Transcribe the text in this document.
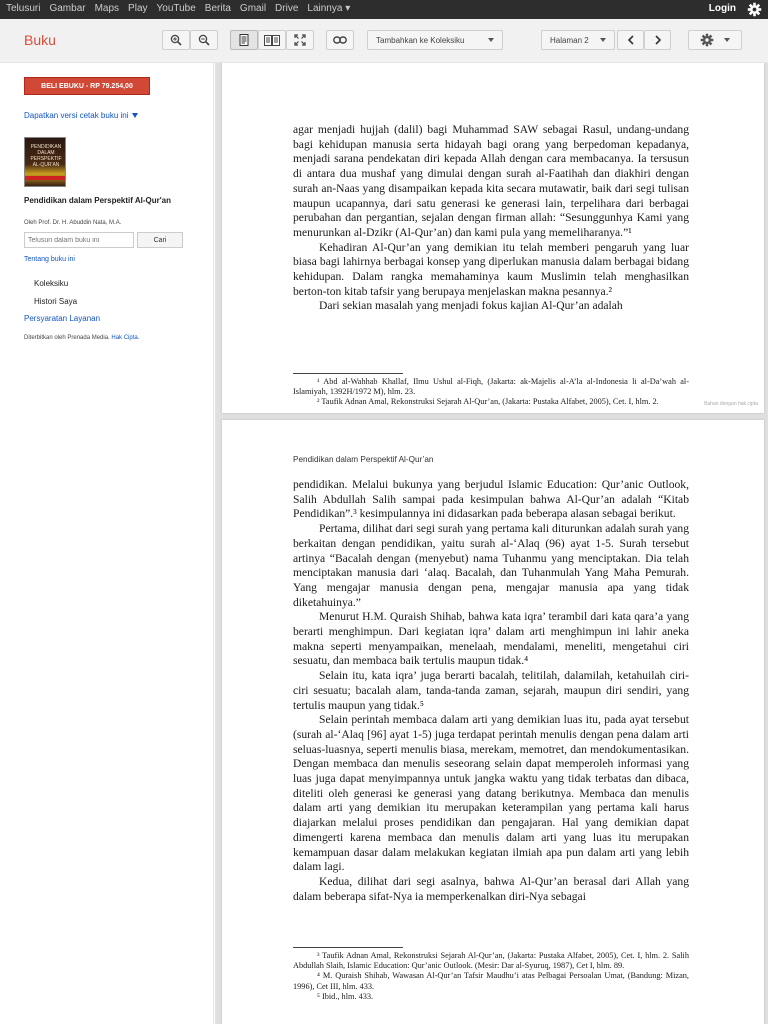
Telusuri Gambar Maps Play YouTube Berita Gmail Drive Lainnya ▾	Login
Buku	Tambahkan ke Koleksiku	Halaman 2
BELI EBUKU - RP 79.254,00
Dapatkan versi cetak buku ini
PENDIDIKAN DALAM PERSPEKTIF AL-QUR'AN
Pendidikan dalam Perspektif Al-Qur'an
Oleh Prof. Dr. H. Abuddin Nata, M.A.
Telusuri dalam buku ini
Cari
Tentang buku ini
Koleksiku
Histori Saya
Persyaratan Layanan
Diterbitkan oleh Prenada Media. Hak Cipta.

agar menjadi hujjah (dalil) bagi Muhammad SAW sebagai Rasul, undang-undang bagi kehidupan manusia serta hidayah bagi orang yang berpedoman kepadanya, menjadi sarana pendekatan diri kepada Allah dengan cara membacanya. Ia tersusun di antara dua mushaf yang dimulai dengan surah al-Faatihah dan diakhiri dengan surah an-Naas yang disampaikan kepada kita secara mutawatir, baik dari segi tulisan maupun ucapannya, dari satu generasi ke generasi lain, terpelihara dari berbagai perubahan dan pergantian, sejalan dengan firman allah: “Sesunggunhya Kami yang menurunkan al-Dzikr (Al-Qur’an) dan kami pula yang memeliharanya.”¹

Kehadiran Al-Qur’an yang demikian itu telah memberi pengaruh yang luar biasa bagi lahirnya berbagai konsep yang diperlukan manusia dalam berbagai bidang kehidupan. Dalam rangka memahaminya kaum Muslimin telah menghasilkan berton-ton kitab tafsir yang berupaya menjelaskan makna pesannya.²

Dari sekian masalah yang menjadi fokus kajian Al-Qur’an adalah

¹ Abd al-Wahhab Khallaf, Ilmu Ushul al-Fiqh, (Jakarta: ak-Majelis al-A’la al-Indonesia li al-Da’wah al-Islamiyah, 1392H/1972 M), hlm. 23.

² Taufik Adnan Amal, Rekonstruksi Sejarah Al-Qur’an, (Jakarta: Pustaka Alfabet, 2005), Cet. I, hlm. 2.	Bahan dengan hak cipta
Pendidikan dalam Perspektif Al-Qur’an

pendidikan. Melalui bukunya yang berjudul Islamic Education: Qur’anic Outlook, Salih Abdullah Salih sampai pada kesimpulan bahwa Al-Qur’an adalah “Kitab Pendidikan”.³ kesimpulannya ini didasarkan pada beberapa alasan sebagai berikut.

Pertama, dilihat dari segi surah yang pertama kali diturunkan adalah surah yang berkaitan dengan pendidikan, yaitu surah al-‘Alaq (96) ayat 1-5. Surah tersebut artinya “Bacalah dengan (menyebut) nama Tuhanmu yang menciptakan. Dia telah menciptakan manusia dari ‘alaq. Bacalah, dan Tuhanmulah Yang Maha Pemurah. Yang mengajar manusia dengan pena, mengajar manusia apa yang tidak diketahuinya.”

Menurut H.M. Quraish Shihab, bahwa kata iqra’ terambil dari kata qara’a yang berarti menghimpun. Dari kegiatan iqra’ dalam arti menghimpun ini lahir aneka makna seperti menyampaikan, menelaah, mendalami, meneliti, mengetahui ciri sesuatu, dan membaca baik tertulis maupun tidak.⁴

Selain itu, kata iqra’ juga berarti bacalah, telitilah, dalamilah, ketahuilah ciri-ciri sesuatu; bacalah alam, tanda-tanda zaman, sejarah, maupun diri sendiri, yang tertulis maupun yang tidak.⁵

Selain perintah membaca dalam arti yang demikian luas itu, pada ayat tersebut (surah al-‘Alaq [96] ayat 1-5) juga terdapat perintah menulis dengan pena dalam arti seluas-luasnya, seperti menulis biasa, merekam, memotret, dan mendokumentasikan. Dengan membaca dan menulis seseorang selain dapat memperoleh informasi yang luas juga dapat menyimpannya untuk jangka waktu yang tidak terbatas dan dibaca, diteliti oleh generasi ke generasi yang datang berikutnya. Membaca dan menulis dalam arti yang demikian itu merupakan keterampilan yang pertama kali harus diajarkan melalui proses pendidikan dan pengajaran. Hal yang demikian dapat dimengerti karena membaca dan menulis dalam arti yang luas itu merupakan kemampuan dasar dalam melakukan kegiatan ilmiah apa pun dalam arti yang lebih dalam lagi.

Kedua, dilihat dari segi asalnya, bahwa Al-Qur’an berasal dari Allah yang dalam beberapa sifat-Nya ia memperkenalkan diri-Nya sebagai

³ Taufik Adnan Amal, Rekonstruksi Sejarah Al-Qur’an, (Jakarta: Pustaka Alfabet, 2005), Cet. I, hlm. 2. Salih Abdullah Slaih, Islamic Education: Qur’anic Outlook. (Mesir: Dar al-Syuruq, 1987), Cet I, hlm. 89.

⁴ M. Quraish Shihab, Wawasan Al-Qur’an Tafsir Maudhu’i atas Pelbagai Persoalan Umat, (Bandung: Mizan, 1996), Cet III, hlm. 433.

⁵ Ibid., hlm. 433.
